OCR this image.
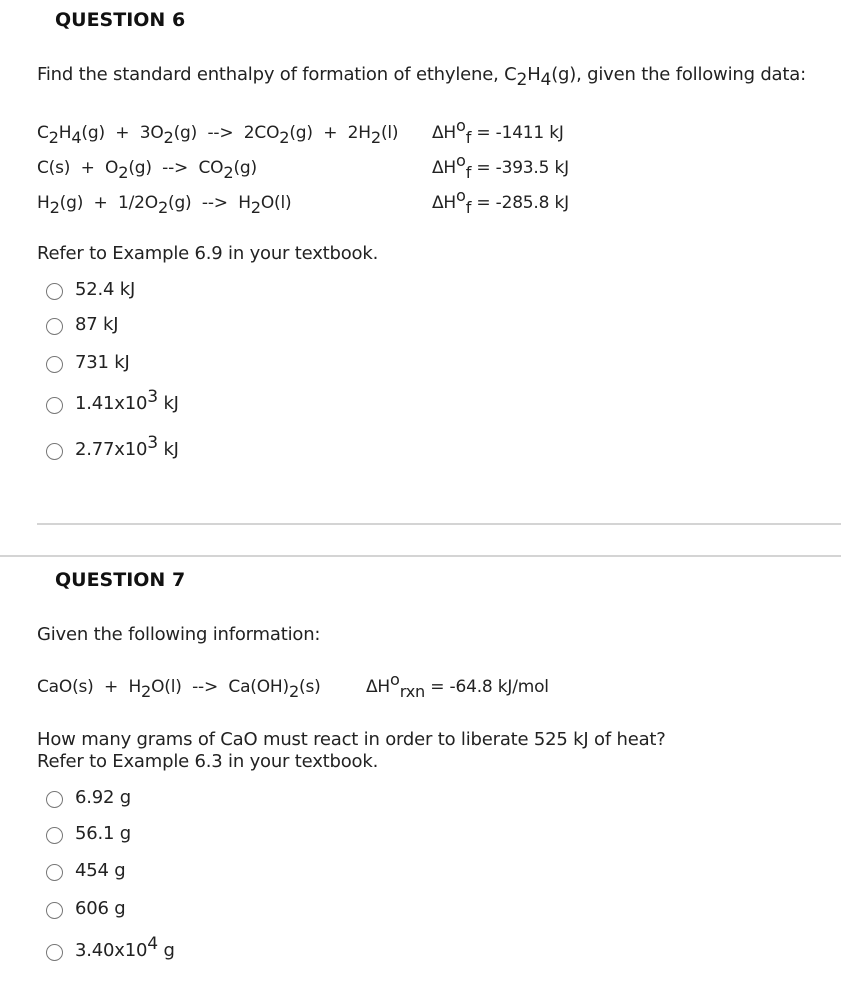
QUESTION 6
Find the standard enthalpy of formation of ethylene, C2H4(g), given the following data:
C2H4(g)  +  3O2(g)  -->  2CO2(g)  +  2H2(l) ΔHof = -1411 kJ
C(s)  +  O2(g)  -->  CO2(g)	ΔHof = -393.5 kJ
H2(g)  +  1/2O2(g)  -->  H2O(l)	ΔHof = -285.8 kJ
Refer to Example 6.9 in your textbook.
52.4 kJ
87 kJ
731 kJ
1.41x103 kJ
2.77x103 kJ
QUESTION 7
Given the following information:
CaO(s)  +  H2O(l)  -->  Ca(OH)2(s)	ΔHorxn = -64.8 kJ/mol
How many grams of CaO must react in order to liberate 525 kJ of heat?
Refer to Example 6.3 in your textbook.
6.92 g
56.1 g
454 g
606 g
3.40x104 g
